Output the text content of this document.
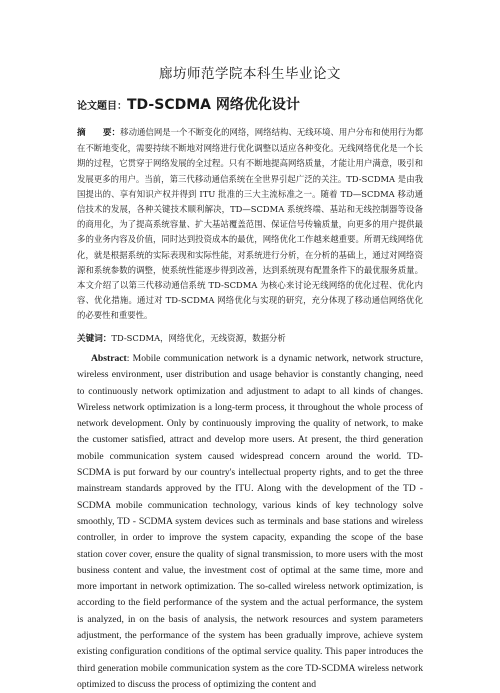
廊坊师范学院本科生毕业论文
论文题目：TD-SCDMA 网络优化设计
摘　　要：移动通信网是一个不断变化的网络，网络结构、无线环境、用户分布和使用行为都在不断地变化，需要持续不断地对网络进行优化调整以适应各种变化。无线网络优化是一个长期的过程，它贯穿于网络发展的全过程。只有不断地提高网络质量，才能让用户满意，吸引和发展更多的用户。当前，第三代移动通信系统在全世界引起广泛的关注。TD-SCDMA 是由我国提出的、享有知识产权并得到 ITU 批准的三大主流标准之一。随着 TD—SCDMA 移动通信技术的发展，各种关键技术顺利解决，TD—SCDMA 系统终端、基站和无线控制器等设备的商用化，为了提高系统容量、扩大基站覆盖范围、保证信号传输质量，向更多的用户提供最多的业务内容及价值，同时达到投资成本的最优，网络优化工作越来越重要。所谓无线网络优化，就是根据系统的实际表现和实际性能，对系统进行分析，在分析的基础上，通过对网络资源和系统参数的调整，使系统性能逐步得到改善，达到系统现有配置条件下的最优服务质量。本文介绍了以第三代移动通信系统 TD-SCDMA 为核心来讨论无线网络的优化过程、优化内容、优化措施。通过对 TD-SCDMA 网络优化与实现的研究，充分体现了移动通信网络优化的必要性和重要性。
关键词：TD-SCDMA，网络优化，无线资源，数据分析
Abstract: Mobile communication network is a dynamic network, network structure, wireless environment, user distribution and usage behavior is constantly changing, need to continuously network optimization and adjustment to adapt to all kinds of changes. Wireless network optimization is a long-term process, it throughout the whole process of network development. Only by continuously improving the quality of network, to make the customer satisfied, attract and develop more users. At present, the third generation mobile communication system caused widespread concern around the world. TD-SCDMA is put forward by our country's intellectual property rights, and to get the three mainstream standards approved by the ITU. Along with the development of the TD - SCDMA mobile communication technology, various kinds of key technology solve smoothly, TD - SCDMA system devices such as terminals and base stations and wireless controller, in order to improve the system capacity, expanding the scope of the base station cover cover, ensure the quality of signal transmission, to more users with the most business content and value, the investment cost of optimal at the same time, more and more important in network optimization. The so-called wireless network optimization, is according to the field performance of the system and the actual performance, the system is analyzed, in on the basis of analysis, the network resources and system parameters adjustment, the performance of the system has been gradually improve, achieve system existing configuration conditions of the optimal service quality. This paper introduces the third generation mobile communication system as the core TD-SCDMA wireless network optimized to discuss the process of optimizing the content and
